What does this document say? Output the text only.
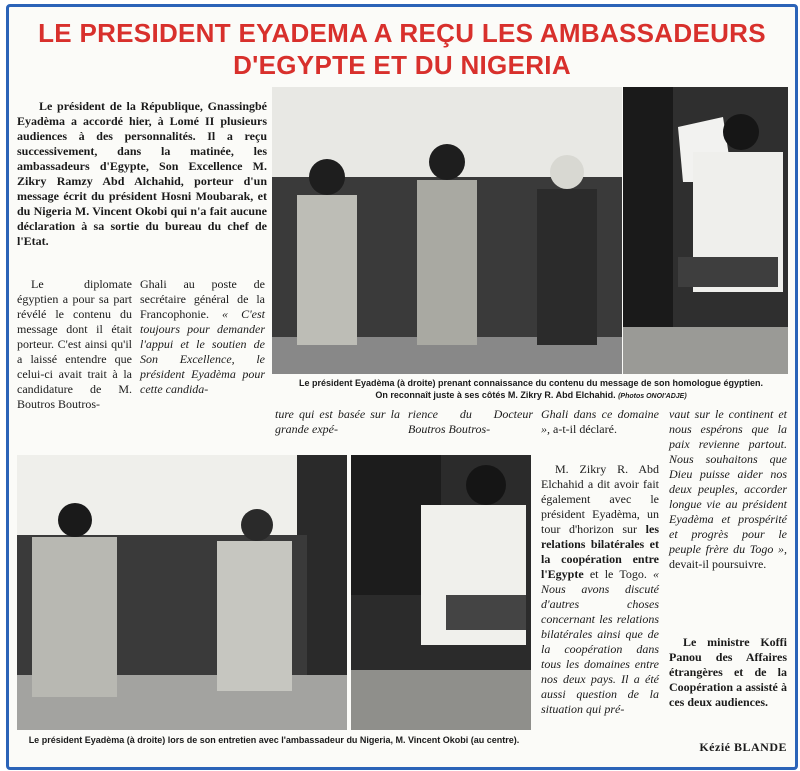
LE PRESIDENT EYADEMA A REÇU LES AMBASSADEURS
D'EGYPTE ET DU NIGERIA

Le président de la République, Gnassingbé Eyadèma a accordé hier, à Lomé II plusieurs audiences à des personnalités. Il a reçu successivement, dans la matinée, les ambassadeurs d'Egypte, Son Excellence M. Zikry Ramzy Abd Alchahid, porteur d'un message écrit du président Hosni Moubarak, et du Nigeria M. Vincent Okobi qui n'a fait aucune déclaration à sa sortie du bureau du chef de l'Etat.

Le président Eyadèma (à droite) prenant connaissance du contenu du message de son homologue égyptien.
On reconnaît juste à ses côtés M. Zikry R. Abd Elchahid. (Photos ONOI'ADJE)

Le diplomate égyptien a pour sa part révélé le contenu du message dont il était porteur. C'est ainsi qu'il a laissé entendre que celui-ci avait trait à la candidature de M. Boutros Boutros-

Ghali au poste de secrétaire général de la Francophonie. « C'est toujours pour demander l'appui et le soutien de Son Excellence, le président Eyadèma pour cette candida-

ture qui est basée sur la grande expé-

rience du Docteur Boutros Boutros-

Ghali dans ce domaine », a-t-il déclaré.

M. Zikry R. Abd Elchahid a dit avoir fait également avec le président Eyadèma, un tour d'horizon sur les relations bilatérales et la coopération entre l'Egypte et le Togo. « Nous avons discuté d'autres choses concernant les relations bilatérales ainsi que de la coopération dans tous les domaines entre nos deux pays. Il a été aussi question de la situation qui pré-

vaut sur le continent et nous espérons que la paix revienne partout. Nous souhaitons que Dieu puisse aider nos deux peuples, accorder longue vie au président Eyadèma et prospérité et progrès pour le peuple frère du Togo », devait-il poursuivre.

Le ministre Koffi Panou des Affaires étrangères et de la Coopération a assisté à ces deux audiences.

Kézié BLANDE

Le président Eyadèma (à droite) lors de son entretien avec l'ambassadeur du Nigeria, M. Vincent Okobi (au centre).
